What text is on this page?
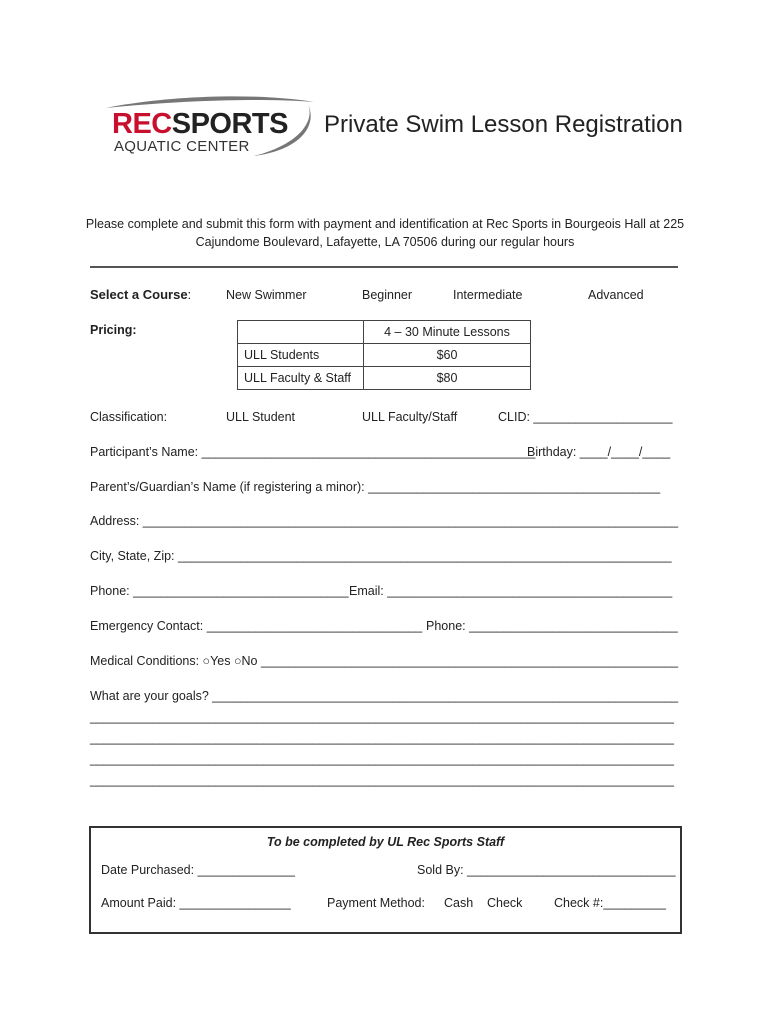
RECSPORTS
AQUATIC CENTER
Private Swim Lesson Registration
Please complete and submit this form with payment and identification at Rec Sports in Bourgeois Hall at 225 Cajundome Boulevard, Lafayette, LA 70506 during our regular hours
Select a Course:	New Swimmer	Beginner	Intermediate	Advanced
Pricing:
		4 – 30 Minute Lessons
ULL Students	$60
ULL Faculty & Staff	$80
Classification:	ULL Student	ULL Faculty/Staff	CLID: ____________________
Participant’s Name: ________________________________________________
Birthday: ____/____/____
Parent’s/Guardian’s Name (if registering a minor): __________________________________________
Address: _____________________________________________________________________________
City, State, Zip: _______________________________________________________________________
Phone: _______________________________ Email: _________________________________________
Emergency Contact: _______________________________ Phone: ______________________________
Medical Conditions: ○Yes ○No ____________________________________________________________
What are your goals? ___________________________________________________________________
____________________________________________________________________________________
____________________________________________________________________________________
____________________________________________________________________________________
____________________________________________________________________________________
To be completed by UL Rec Sports Staff
Date Purchased: ______________	Sold By: ______________________________
Amount Paid: ________________	Payment Method: Cash Check	Check #:_________
